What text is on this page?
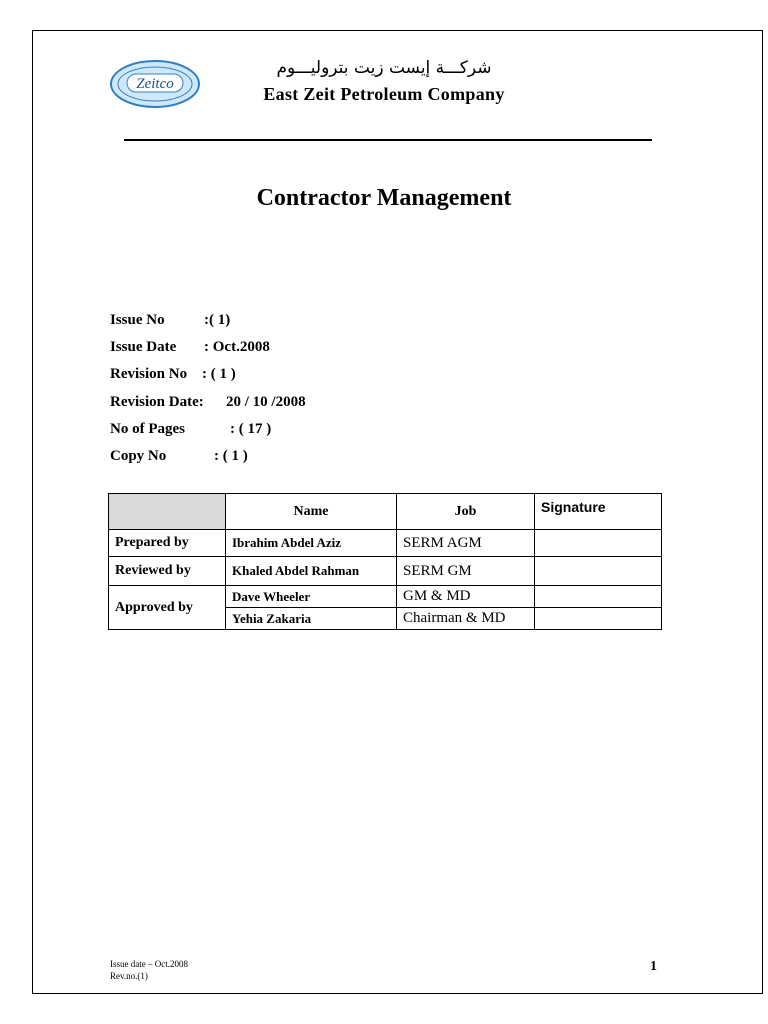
Zeitco
شركـــة إيست زيت بتروليـــوم
East Zeit Petroleum Company
Contractor Management
Issue No	:( 1)
Issue Date : Oct.2008
Revision No : ( 1 )
Revision Date: 20 / 10 /2008
No of Pages	: ( 17 )
Copy No	: ( 1 )
	Name	Job	Signature
Prepared by	Ibrahim Abdel Aziz	SERM AGM	
Reviewed by	Khaled Abdel Rahman	SERM GM	
Approved by	Dave Wheeler	GM & MD	
	Yehia Zakaria	Chairman & MD	
Issue date – Oct.2008
Rev.no.(1)
1
